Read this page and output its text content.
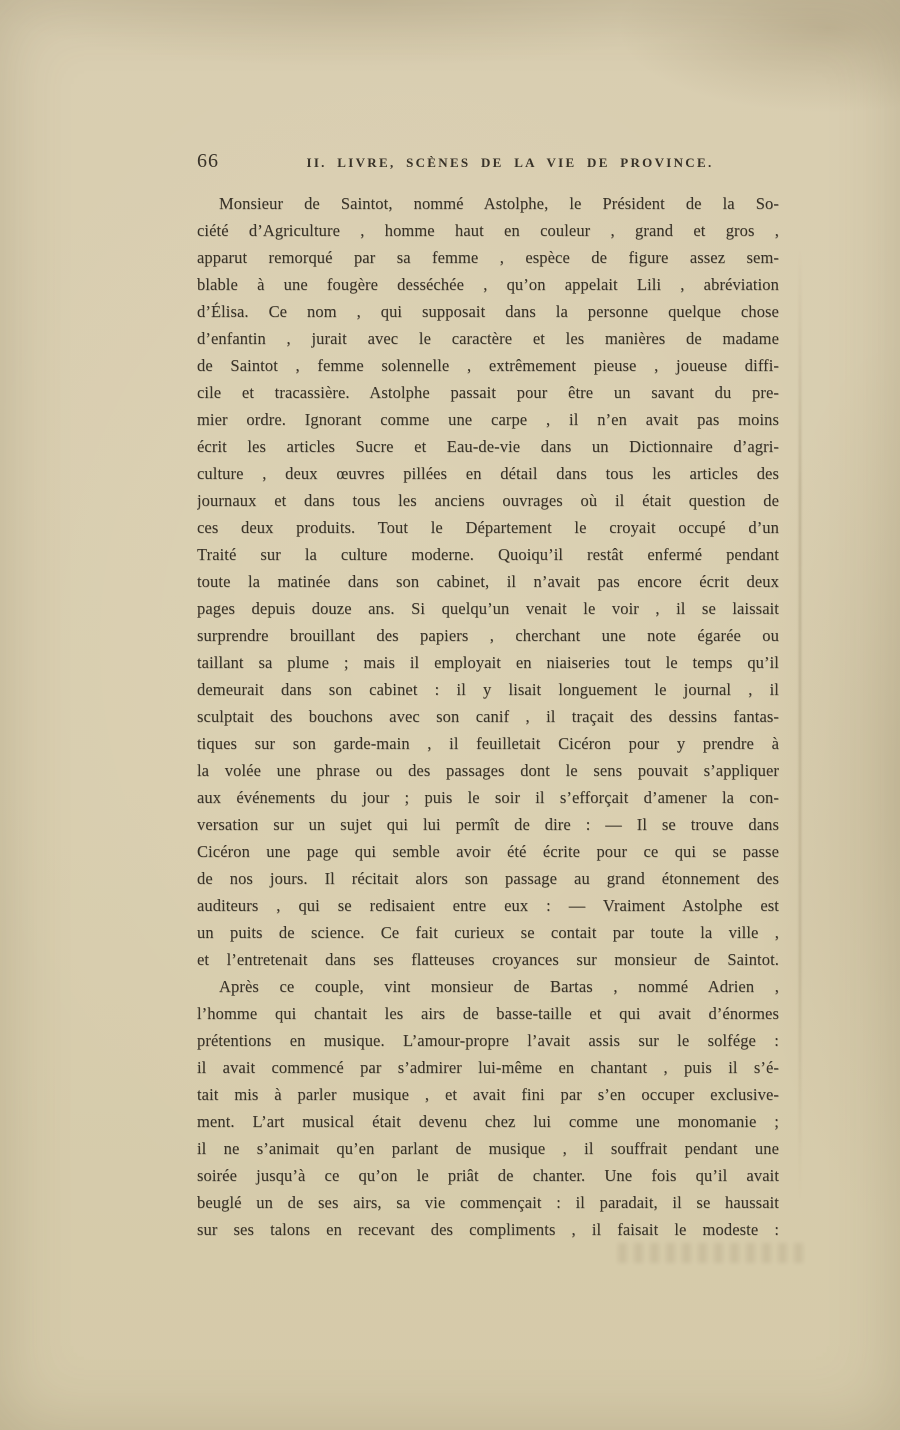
66	II. LIVRE, SCÈNES DE LA VIE DE PROVINCE.
Monsieur de Saintot, nommé Astolphe, le Président de la So-
ciété d’Agriculture , homme haut en couleur , grand et gros ,
apparut remorqué par sa femme , espèce de figure assez sem-
blable à une fougère desséchée , qu’on appelait Lili , abréviation
d’Élisa. Ce nom , qui supposait dans la personne quelque chose
d’enfantin , jurait avec le caractère et les manières de madame
de Saintot , femme solennelle , extrêmement pieuse , joueuse diffi-
cile et tracassière. Astolphe passait pour être un savant du pre-
mier ordre. Ignorant comme une carpe , il n’en avait pas moins
écrit les articles Sucre et Eau-de-vie dans un Dictionnaire d’agri-
culture , deux œuvres pillées en détail dans tous les articles des
journaux et dans tous les anciens ouvrages où il était question de
ces deux produits. Tout le Département le croyait occupé d’un
Traité sur la culture moderne. Quoiqu’il restât enfermé pendant
toute la matinée dans son cabinet, il n’avait pas encore écrit deux
pages depuis douze ans. Si quelqu’un venait le voir , il se laissait
surprendre brouillant des papiers , cherchant une note égarée ou
taillant sa plume ; mais il employait en niaiseries tout le temps qu’il
demeurait dans son cabinet : il y lisait longuement le journal , il
sculptait des bouchons avec son canif , il traçait des dessins fantas-
tiques sur son garde-main , il feuilletait Cicéron pour y prendre à
la volée une phrase ou des passages dont le sens pouvait s’appliquer
aux événements du jour ; puis le soir il s’efforçait d’amener la con-
versation sur un sujet qui lui permît de dire : — Il se trouve dans
Cicéron une page qui semble avoir été écrite pour ce qui se passe
de nos jours. Il récitait alors son passage au grand étonnement des
auditeurs , qui se redisaient entre eux : — Vraiment Astolphe est
un puits de science. Ce fait curieux se contait par toute la ville ,
et l’entretenait dans ses flatteuses croyances sur monsieur de Saintot.
Après ce couple, vint monsieur de Bartas , nommé Adrien ,
l’homme qui chantait les airs de basse-taille et qui avait d’énormes
prétentions en musique. L’amour-propre l’avait assis sur le solfége :
il avait commencé par s’admirer lui-même en chantant , puis il s’é-
tait mis à parler musique , et avait fini par s’en occuper exclusive-
ment. L’art musical était devenu chez lui comme une monomanie ;
il ne s’animait qu’en parlant de musique , il souffrait pendant une
soirée jusqu’à ce qu’on le priât de chanter. Une fois qu’il avait
beuglé un de ses airs, sa vie commençait : il paradait, il se haussait
sur ses talons en recevant des compliments , il faisait le modeste :
